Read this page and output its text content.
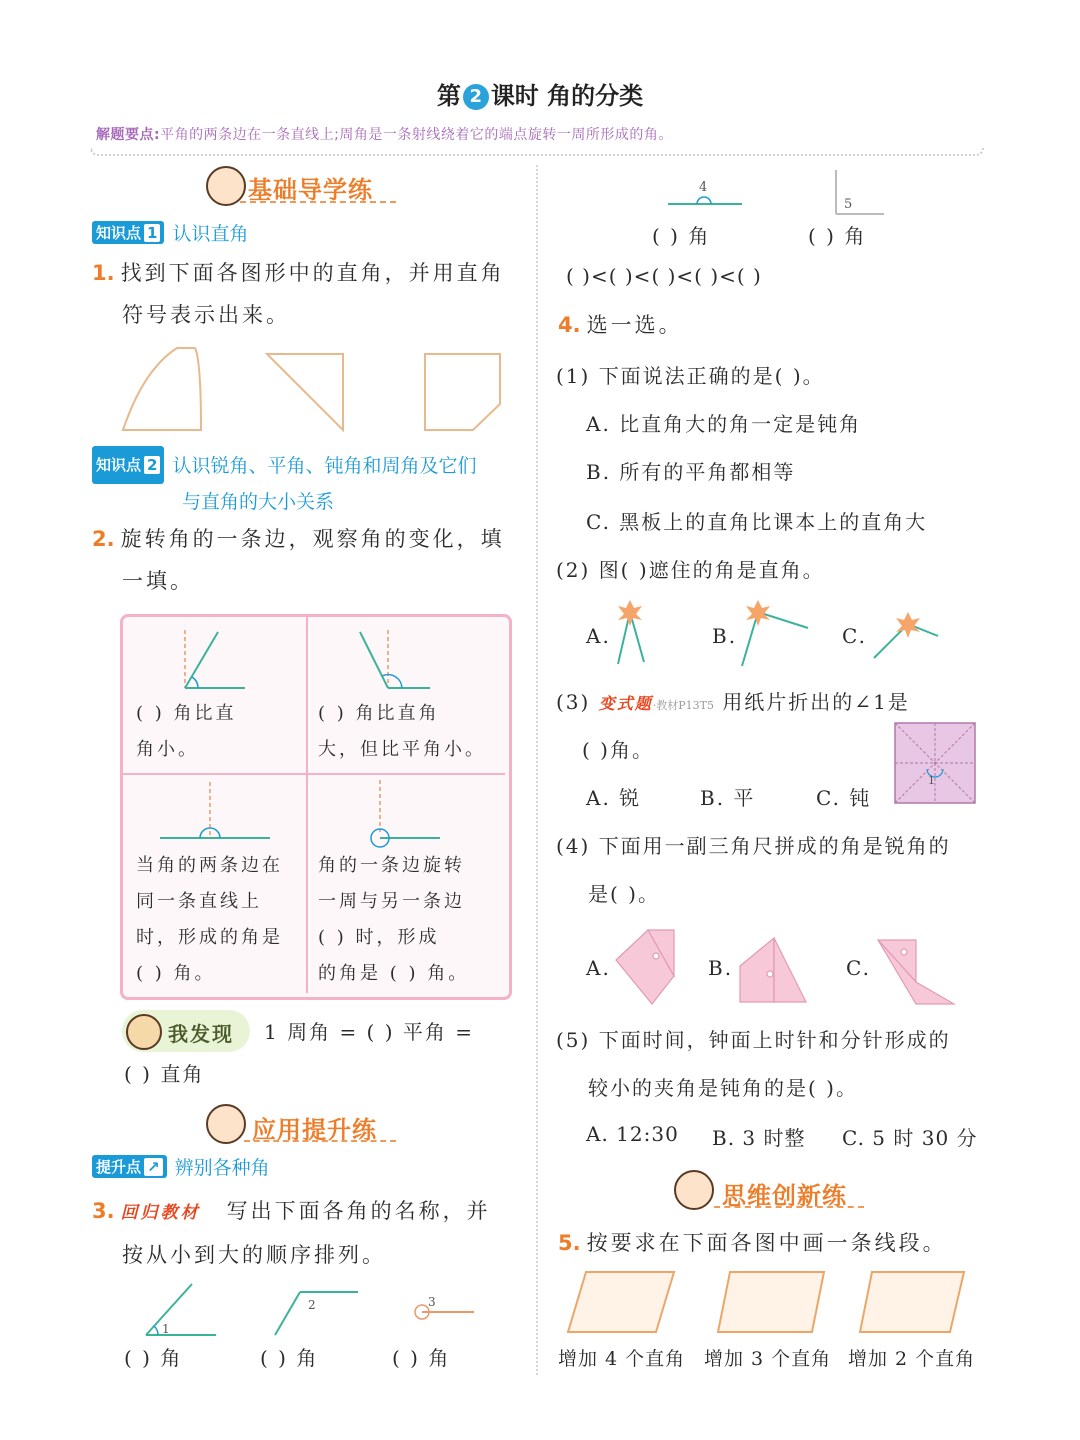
第 2 课时 角的分类
解题要点:平角的两条边在一条直线上;周角是一条射线绕着它的端点旋转一周所形成的角。
基础导学练
知识点 1 认识直角
1. 找到下面各图形中的直角，并用直角
符号表示出来。
知识点 2 认识锐角、平角、钝角和周角及它们
与直角的大小关系
2. 旋转角的一条边，观察角的变化，填
一填。
( ) 角比直
角小。
( ) 角比直角
大，但比平角小。
当角的两条边在
同一条直线上
时，形成的角是
( ) 角。
角的一条边旋转
一周与另一条边
( ) 时，形成
的角是 ( ) 角。
我发现 1 周角 = ( ) 平角 =
( ) 直角
应用提升练
提升点 ↗ 辨别各种角
3. 回归教材 写出下面各角的名称，并
按从小到大的顺序排列。
1
2	3
( ) 角	( ) 角	( ) 角
4
5
( ) 角	( ) 角
( )<( )<( )<( )<( )
4. 选一选。
(1) 下面说法正确的是( )。
A. 比直角大的角一定是钝角
B. 所有的平角都相等
C. 黑板上的直角比课本上的直角大
(2) 图( )遮住的角是直角。
A.	B.	C.
(3) 变式题·教材P13T5 用纸片折出的∠1是
( )角。
A. 锐	B. 平	C. 钝
1
(4) 下面用一副三角尺拼成的角是锐角的
是( )。
A.	B.	C.
(5) 下面时间，钟面上时针和分针形成的
较小的夹角是钝角的是( )。
A. 12:30 B. 3 时整 C. 5 时 30 分
思维创新练
5. 按要求在下面各图中画一条线段。
增加 4 个直角 增加 3 个直角 增加 2 个直角
